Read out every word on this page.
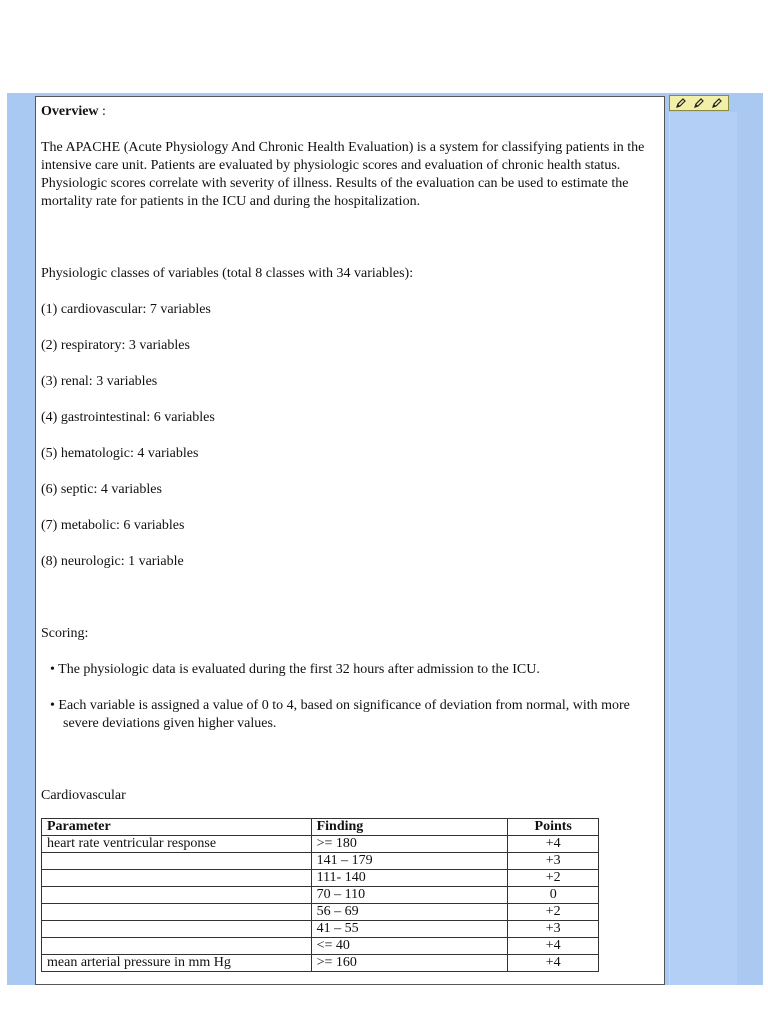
Overview :

The APACHE (Acute Physiology And Chronic Health Evaluation) is a system for classifying patients in the intensive care unit. Patients are evaluated by physiologic scores and evaluation of chronic health status. Physiologic scores correlate with severity of illness. Results of the evaluation can be used to estimate the mortality rate for patients in the ICU and during the hospitalization.

Physiologic classes of variables (total 8 classes with 34 variables):

(1) cardiovascular: 7 variables

(2) respiratory: 3 variables

(3) renal: 3 variables

(4) gastrointestinal: 6 variables

(5) hematologic: 4 variables

(6) septic: 4 variables

(7) metabolic: 6 variables

(8) neurologic: 1 variable

Scoring:

• The physiologic data is evaluated during the first 32 hours after admission to the ICU.

• Each variable is assigned a value of 0 to 4, based on significance of deviation from normal, with more severe deviations given higher values.

Cardiovascular

Parameter	Finding	Points
heart rate ventricular response	>= 180	+4
	141 – 179	+3
	111- 140	+2
	70 – 110	0
	56 – 69	+2
	41 – 55	+3
	<= 40	+4
mean arterial pressure in mm Hg	>= 160	+4
